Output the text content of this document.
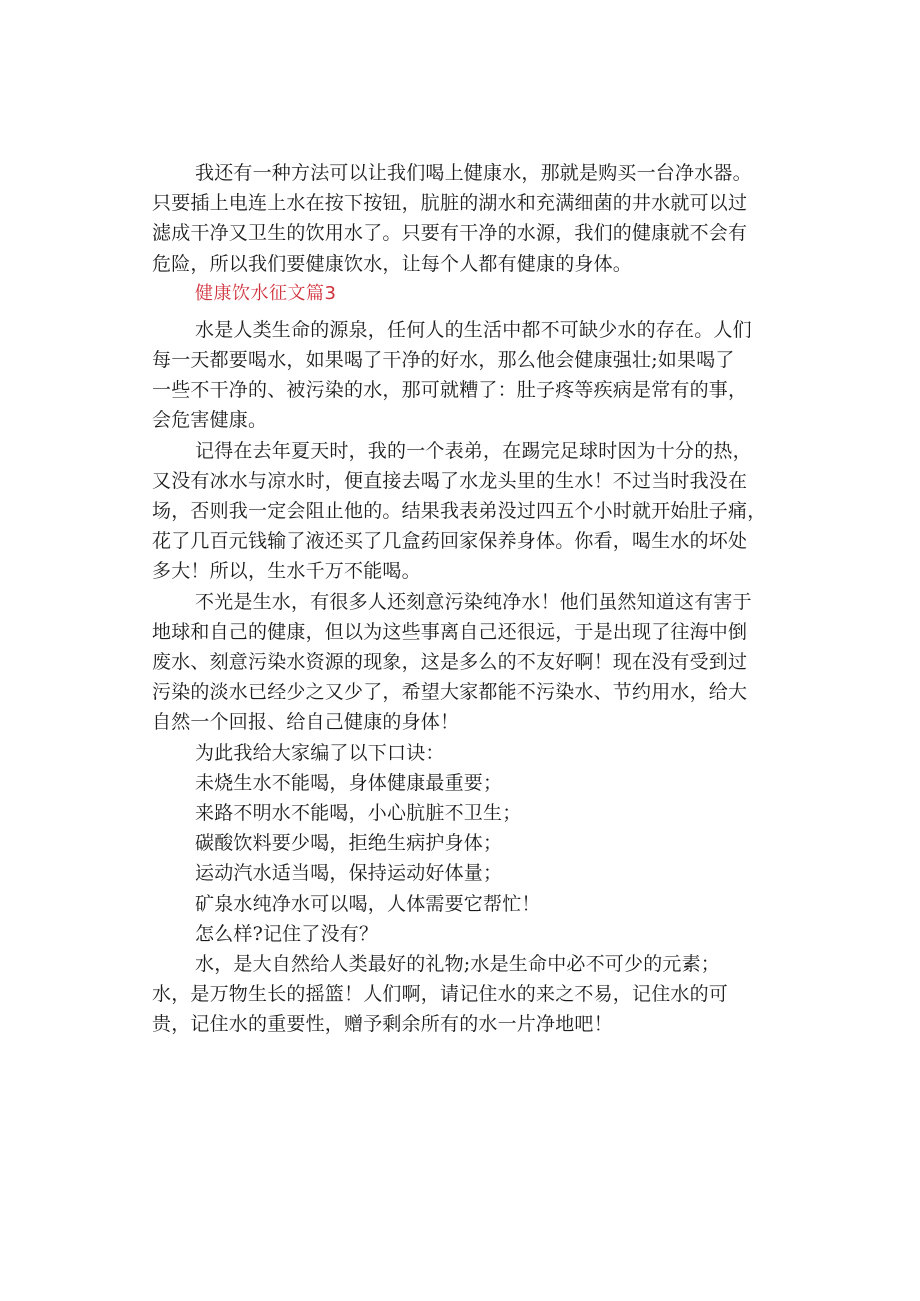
我还有一种方法可以让我们喝上健康水，那就是购买一台净水器。
只要插上电连上水在按下按钮，肮脏的湖水和充满细菌的井水就可以过
滤成干净又卫生的饮用水了。只要有干净的水源，我们的健康就不会有
危险，所以我们要健康饮水，让每个人都有健康的身体。
健康饮水征文篇3
水是人类生命的源泉，任何人的生活中都不可缺少水的存在。人们
每一天都要喝水，如果喝了干净的好水，那么他会健康强壮;如果喝了
一些不干净的、被污染的水，那可就糟了：肚子疼等疾病是常有的事，
会危害健康。
记得在去年夏天时，我的一个表弟，在踢完足球时因为十分的热，
又没有冰水与凉水时，便直接去喝了水龙头里的生水！不过当时我没在
场，否则我一定会阻止他的。结果我表弟没过四五个小时就开始肚子痛，
花了几百元钱输了液还买了几盒药回家保养身体。你看，喝生水的坏处
多大！所以，生水千万不能喝。
不光是生水，有很多人还刻意污染纯净水！他们虽然知道这有害于
地球和自己的健康，但以为这些事离自己还很远，于是出现了往海中倒
废水、刻意污染水资源的现象，这是多么的不友好啊！现在没有受到过
污染的淡水已经少之又少了，希望大家都能不污染水、节约用水，给大
自然一个回报、给自己健康的身体！
为此我给大家编了以下口诀：
未烧生水不能喝，身体健康最重要；
来路不明水不能喝，小心肮脏不卫生；
碳酸饮料要少喝，拒绝生病护身体；
运动汽水适当喝，保持运动好体量；
矿泉水纯净水可以喝，人体需要它帮忙！
怎么样?记住了没有？
水，是大自然给人类最好的礼物;水是生命中必不可少的元素；
水，是万物生长的摇篮！人们啊，请记住水的来之不易，记住水的可
贵，记住水的重要性，赠予剩余所有的水一片净地吧！
